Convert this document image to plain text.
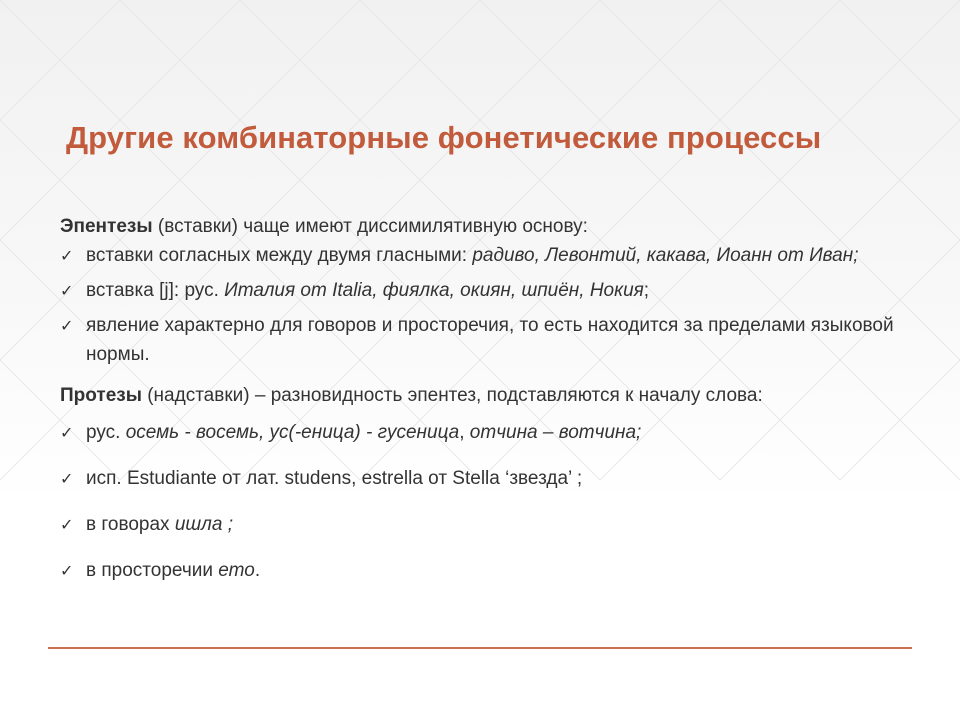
Другие комбинаторные фонетические процессы

Эпентезы (вставки) чаще имеют диссимилятивную основу:

✓ вставки согласных между двумя гласными: радиво, Левонтий, какава, Иоанн от Иван;
✓ вставка [j]: рус. Италия от Italia, фиялка, окиян, шпиён, Нокия;
✓ явление характерно для говоров и просторечия, то есть находится за пределами языковой нормы.

Протезы (надставки) – разновидность эпентез, подставляются к началу слова:

✓ рус. осемь - восемь, ус(-еница) - гусеница, отчина – вотчина;
✓ исп. Estudiante от лат. studens, estrella от Stella ‘звезда’ ;
✓ в говорах ишла ;
✓ в просторечии ето.
